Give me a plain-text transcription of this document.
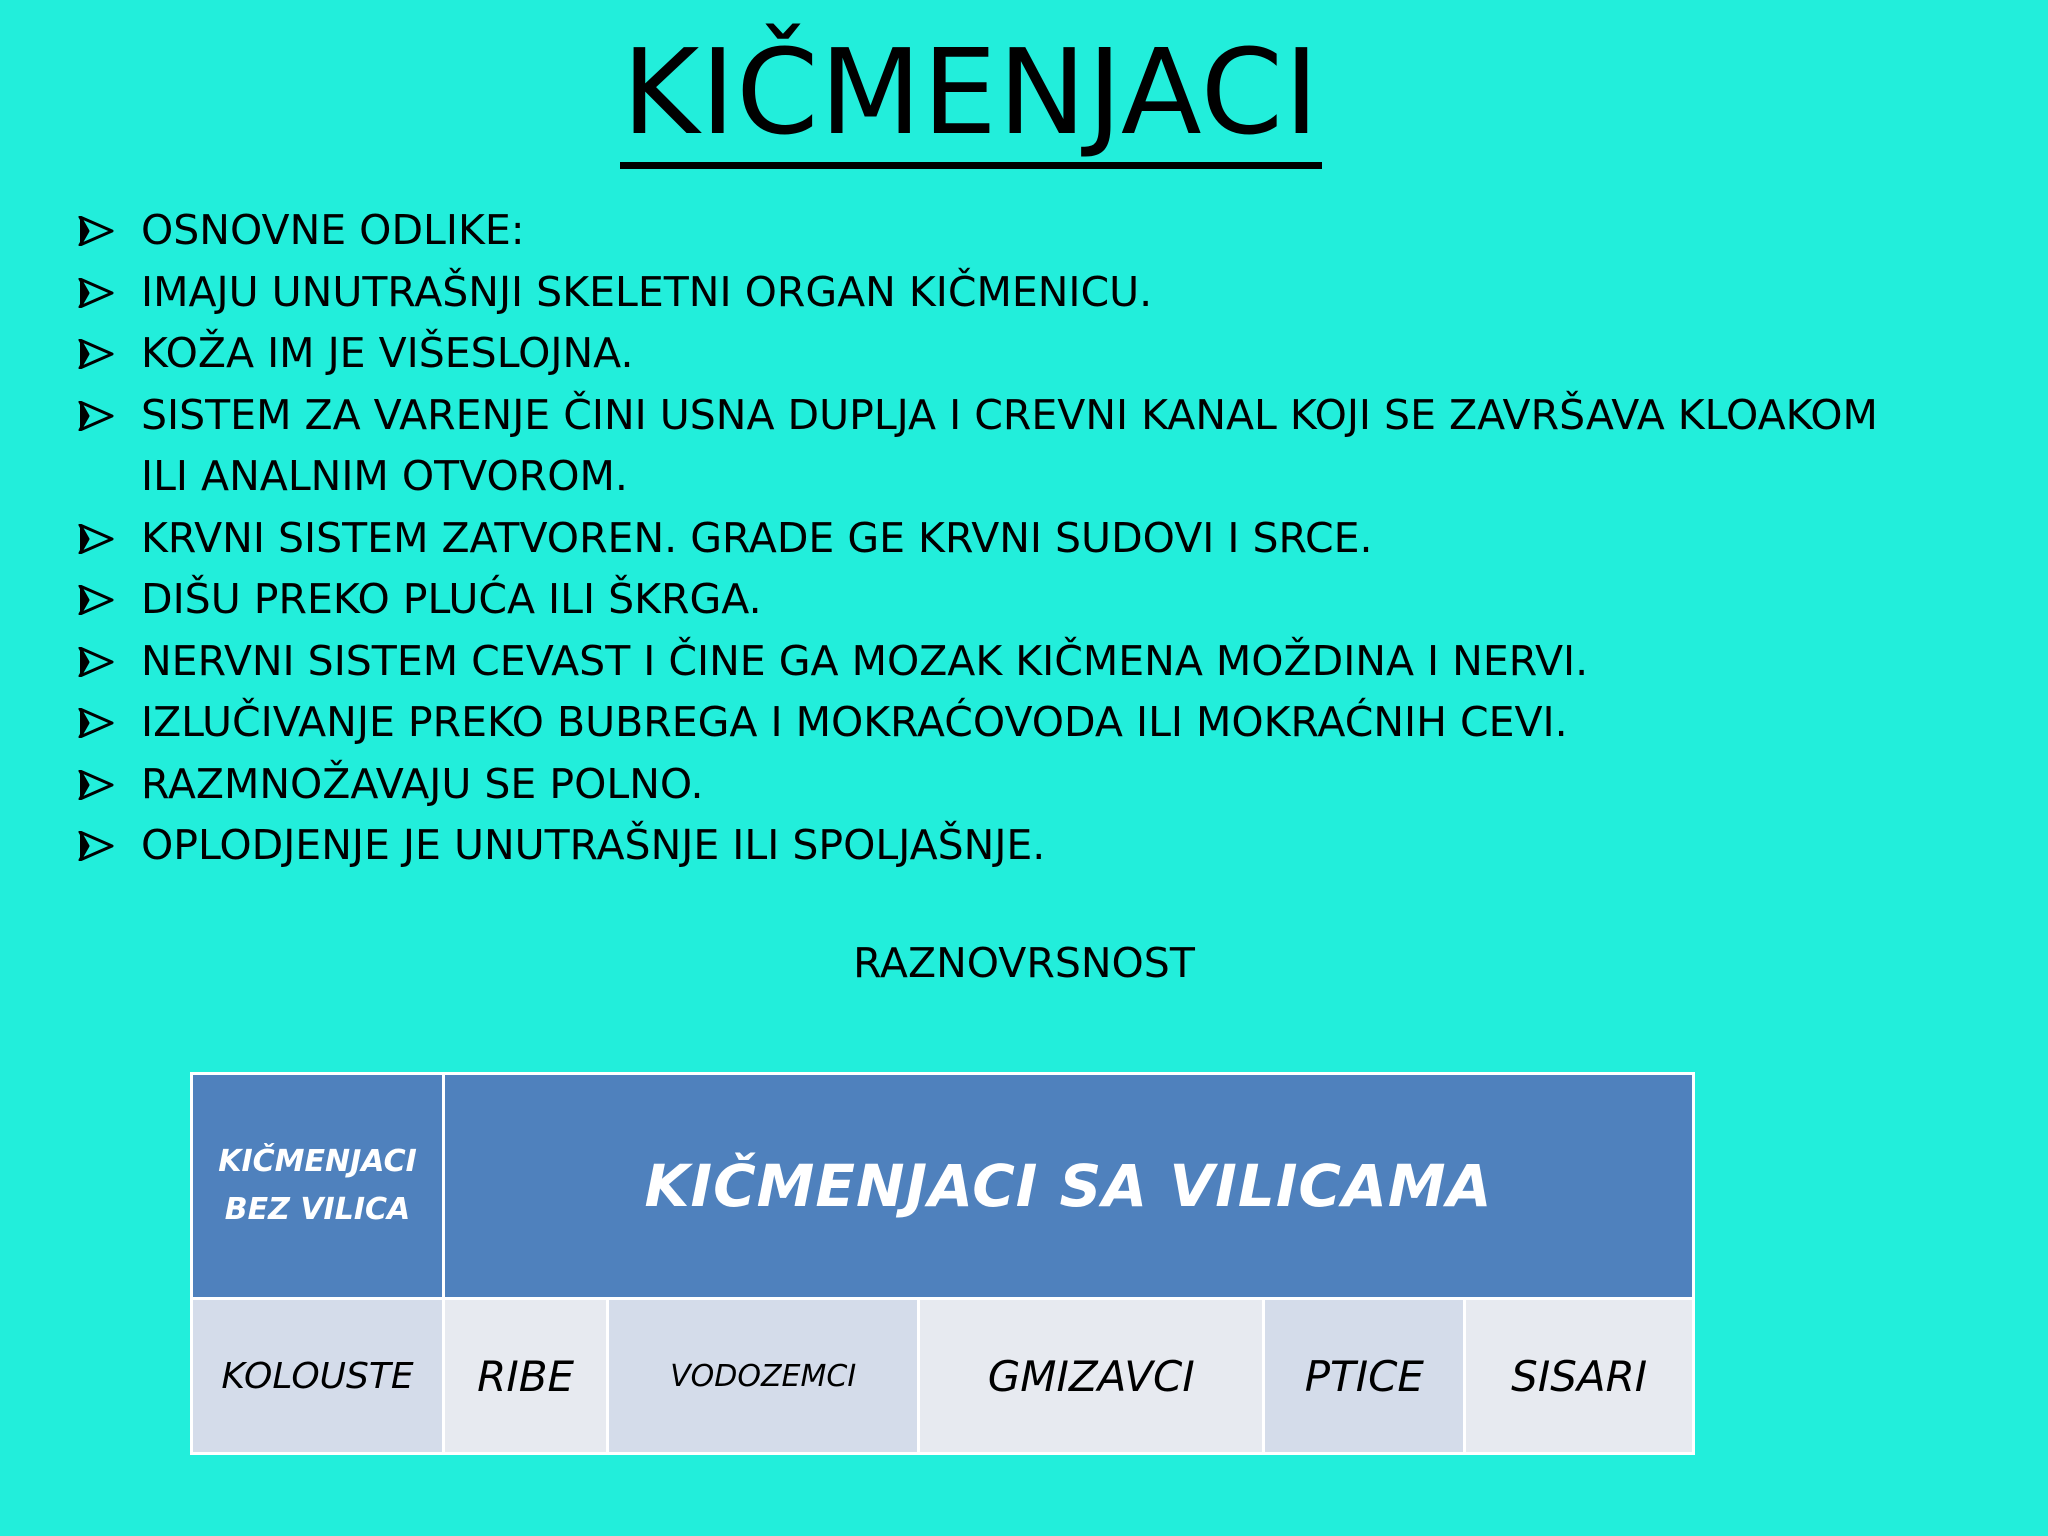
KIČMENJACI
OSNOVNE ODLIKE:
IMAJU UNUTRAŠNJI SKELETNI ORGAN KIČMENICU.
KOŽA IM JE VIŠESLOJNA.
SISTEM ZA VARENJE ČINI USNA DUPLJA I CREVNI KANAL KOJI SE ZAVRŠAVA KLOAKOM
ILI ANALNIM OTVOROM.
KRVNI SISTEM ZATVOREN. GRADE GE KRVNI SUDOVI I SRCE.
DIŠU PREKO PLUĆA ILI ŠKRGA.
NERVNI SISTEM CEVAST I ČINE GA MOZAK KIČMENA MOŽDINA I NERVI.
IZLUČIVANJE PREKO BUBREGA I MOKRAĆOVODA ILI MOKRAĆNIH CEVI.
RAZMNOŽAVAJU SE POLNO.
OPLODJENJE JE UNUTRAŠNJE ILI SPOLJAŠNJE.
RAZNOVRSNOST
KIČMENJACI
BEZ VILICA	KIČMENJACI SA VILICAMA				
KOLOUSTE	RIBE	VODOZEMCI	GMIZAVCI	PTICE	SISARI
